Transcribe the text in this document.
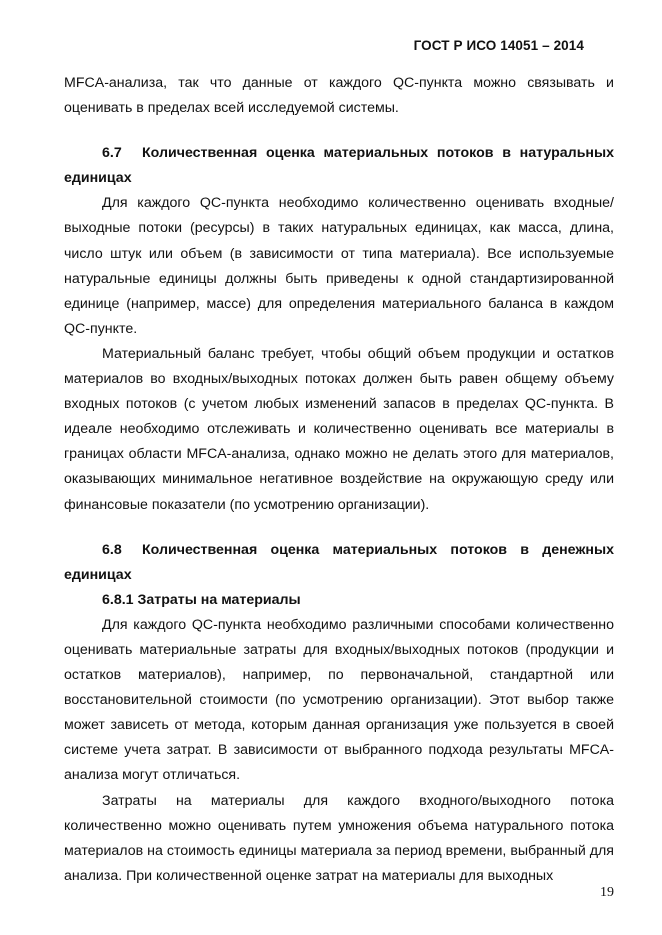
ГОСТ Р ИСО 14051 – 2014

MFCA-анализа, так что данные от каждого QC-пункта можно связывать и оценивать в пределах всей исследуемой системы.

6.7 Количественная оценка материальных потоков в натуральных единицах

Для каждого QC-пункта необходимо количественно оценивать входные/выходные потоки (ресурсы) в таких натуральных единицах, как масса, длина, число штук или объем (в зависимости от типа материала). Все используемые натуральные единицы должны быть приведены к одной стандартизированной единице (например, массе) для определения материального баланса в каждом QC-пункте.

Материальный баланс требует, чтобы общий объем продукции и остатков материалов во входных/выходных потоках должен быть равен общему объему входных потоков (с учетом любых изменений запасов в пределах QC-пункта. В идеале необходимо отслеживать и количественно оценивать все материалы в границах области MFCA-анализа, однако можно не делать этого для материалов, оказывающих минимальное негативное воздействие на окружающую среду или финансовые показатели (по усмотрению организации).

6.8 Количественная оценка материальных потоков в денежных единицах

6.8.1 Затраты на материалы

Для каждого QC-пункта необходимо различными способами количественно оценивать материальные затраты для входных/выходных потоков (продукции и остатков материалов), например, по первоначальной, стандартной или восстановительной стоимости (по усмотрению организации). Этот выбор также может зависеть от метода, которым данная организация уже пользуется в своей системе учета затрат. В зависимости от выбранного подхода результаты MFCA-анализа могут отличаться.

Затраты на материалы для каждого входного/выходного потока количественно можно оценивать путем умножения объема натурального потока материалов на стоимость единицы материала за период времени, выбранный для анализа. При количественной оценке затрат на материалы для выходных

19
